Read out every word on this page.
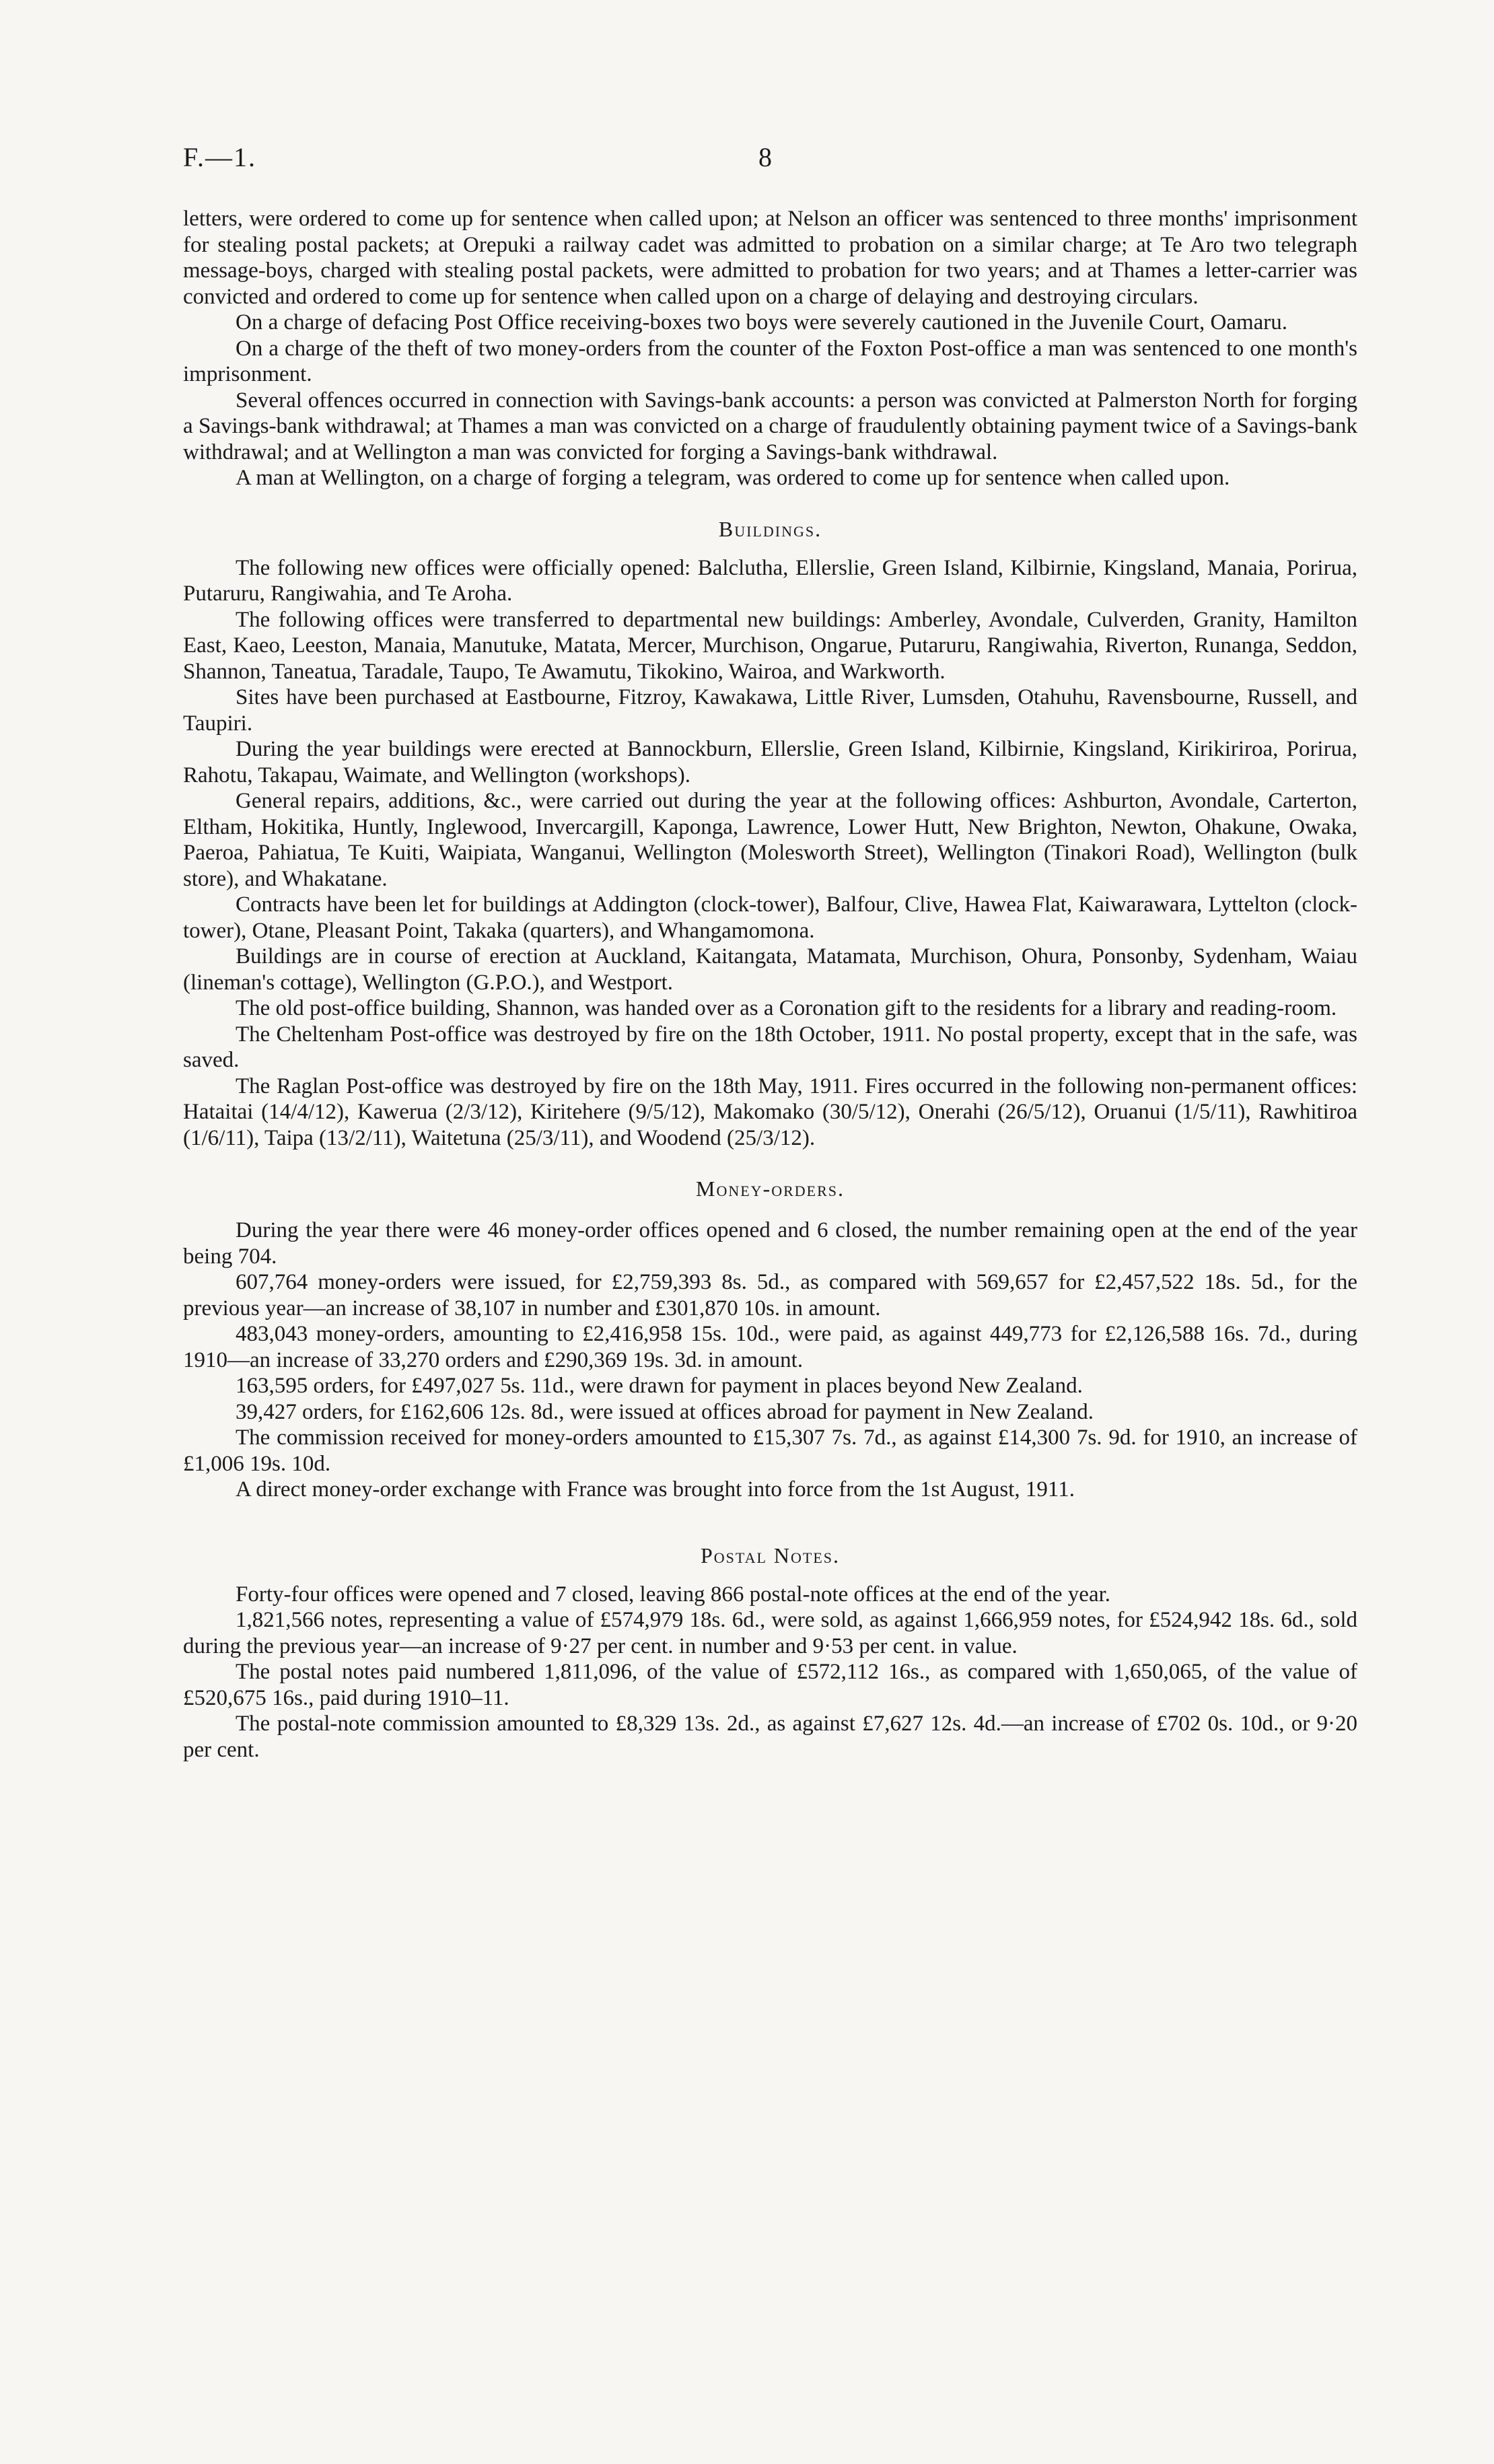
F.—1.	8

letters, were ordered to come up for sentence when called upon; at Nelson an officer was sentenced to three months' imprisonment for stealing postal packets; at Orepuki a railway cadet was admitted to probation on a similar charge; at Te Aro two telegraph message-boys, charged with stealing postal packets, were admitted to probation for two years; and at Thames a letter-carrier was convicted and ordered to come up for sentence when called upon on a charge of delaying and destroying circulars.

On a charge of defacing Post Office receiving-boxes two boys were severely cautioned in the Juvenile Court, Oamaru.

On a charge of the theft of two money-orders from the counter of the Foxton Post-office a man was sentenced to one month's imprisonment.

Several offences occurred in connection with Savings-bank accounts: a person was convicted at Palmerston North for forging a Savings-bank withdrawal; at Thames a man was convicted on a charge of fraudulently obtaining payment twice of a Savings-bank withdrawal; and at Wellington a man was convicted for forging a Savings-bank withdrawal.

A man at Wellington, on a charge of forging a telegram, was ordered to come up for sentence when called upon.

Buildings.

The following new offices were officially opened: Balclutha, Ellerslie, Green Island, Kilbirnie, Kingsland, Manaia, Porirua, Putaruru, Rangiwahia, and Te Aroha.

The following offices were transferred to departmental new buildings: Amberley, Avondale, Culverden, Granity, Hamilton East, Kaeo, Leeston, Manaia, Manutuke, Matata, Mercer, Murchison, Ongarue, Putaruru, Rangiwahia, Riverton, Runanga, Seddon, Shannon, Taneatua, Taradale, Taupo, Te Awamutu, Tikokino, Wairoa, and Warkworth.

Sites have been purchased at Eastbourne, Fitzroy, Kawakawa, Little River, Lumsden, Otahuhu, Ravensbourne, Russell, and Taupiri.

During the year buildings were erected at Bannockburn, Ellerslie, Green Island, Kilbirnie, Kingsland, Kirikiriroa, Porirua, Rahotu, Takapau, Waimate, and Wellington (workshops).

General repairs, additions, &c., were carried out during the year at the following offices: Ashburton, Avondale, Carterton, Eltham, Hokitika, Huntly, Inglewood, Invercargill, Kaponga, Lawrence, Lower Hutt, New Brighton, Newton, Ohakune, Owaka, Paeroa, Pahiatua, Te Kuiti, Waipiata, Wanganui, Wellington (Molesworth Street), Wellington (Tinakori Road), Wellington (bulk store), and Whakatane.

Contracts have been let for buildings at Addington (clock-tower), Balfour, Clive, Hawea Flat, Kaiwarawara, Lyttelton (clock-tower), Otane, Pleasant Point, Takaka (quarters), and Whangamomona.

Buildings are in course of erection at Auckland, Kaitangata, Matamata, Murchison, Ohura, Ponsonby, Sydenham, Waiau (lineman's cottage), Wellington (G.P.O.), and Westport.

The old post-office building, Shannon, was handed over as a Coronation gift to the residents for a library and reading-room.

The Cheltenham Post-office was destroyed by fire on the 18th October, 1911. No postal property, except that in the safe, was saved.

The Raglan Post-office was destroyed by fire on the 18th May, 1911. Fires occurred in the following non-permanent offices: Hataitai (14/4/12), Kawerua (2/3/12), Kiritehere (9/5/12), Makomako (30/5/12), Onerahi (26/5/12), Oruanui (1/5/11), Rawhitiroa (1/6/11), Taipa (13/2/11), Waitetuna (25/3/11), and Woodend (25/3/12).

Money-orders.

During the year there were 46 money-order offices opened and 6 closed, the number remaining open at the end of the year being 704.

607,764 money-orders were issued, for £2,759,393 8s. 5d., as compared with 569,657 for £2,457,522 18s. 5d., for the previous year—an increase of 38,107 in number and £301,870 10s. in amount.

483,043 money-orders, amounting to £2,416,958 15s. 10d., were paid, as against 449,773 for £2,126,588 16s. 7d., during 1910—an increase of 33,270 orders and £290,369 19s. 3d. in amount.

163,595 orders, for £497,027 5s. 11d., were drawn for payment in places beyond New Zealand.

39,427 orders, for £162,606 12s. 8d., were issued at offices abroad for payment in New Zealand.

The commission received for money-orders amounted to £15,307 7s. 7d., as against £14,300 7s. 9d. for 1910, an increase of £1,006 19s. 10d.

A direct money-order exchange with France was brought into force from the 1st August, 1911.

Postal Notes.

Forty-four offices were opened and 7 closed, leaving 866 postal-note offices at the end of the year.

1,821,566 notes, representing a value of £574,979 18s. 6d., were sold, as against 1,666,959 notes, for £524,942 18s. 6d., sold during the previous year—an increase of 9·27 per cent. in number and 9·53 per cent. in value.

The postal notes paid numbered 1,811,096, of the value of £572,112 16s., as compared with 1,650,065, of the value of £520,675 16s., paid during 1910–11.

The postal-note commission amounted to £8,329 13s. 2d., as against £7,627 12s. 4d.—an increase of £702 0s. 10d., or 9·20 per cent.
